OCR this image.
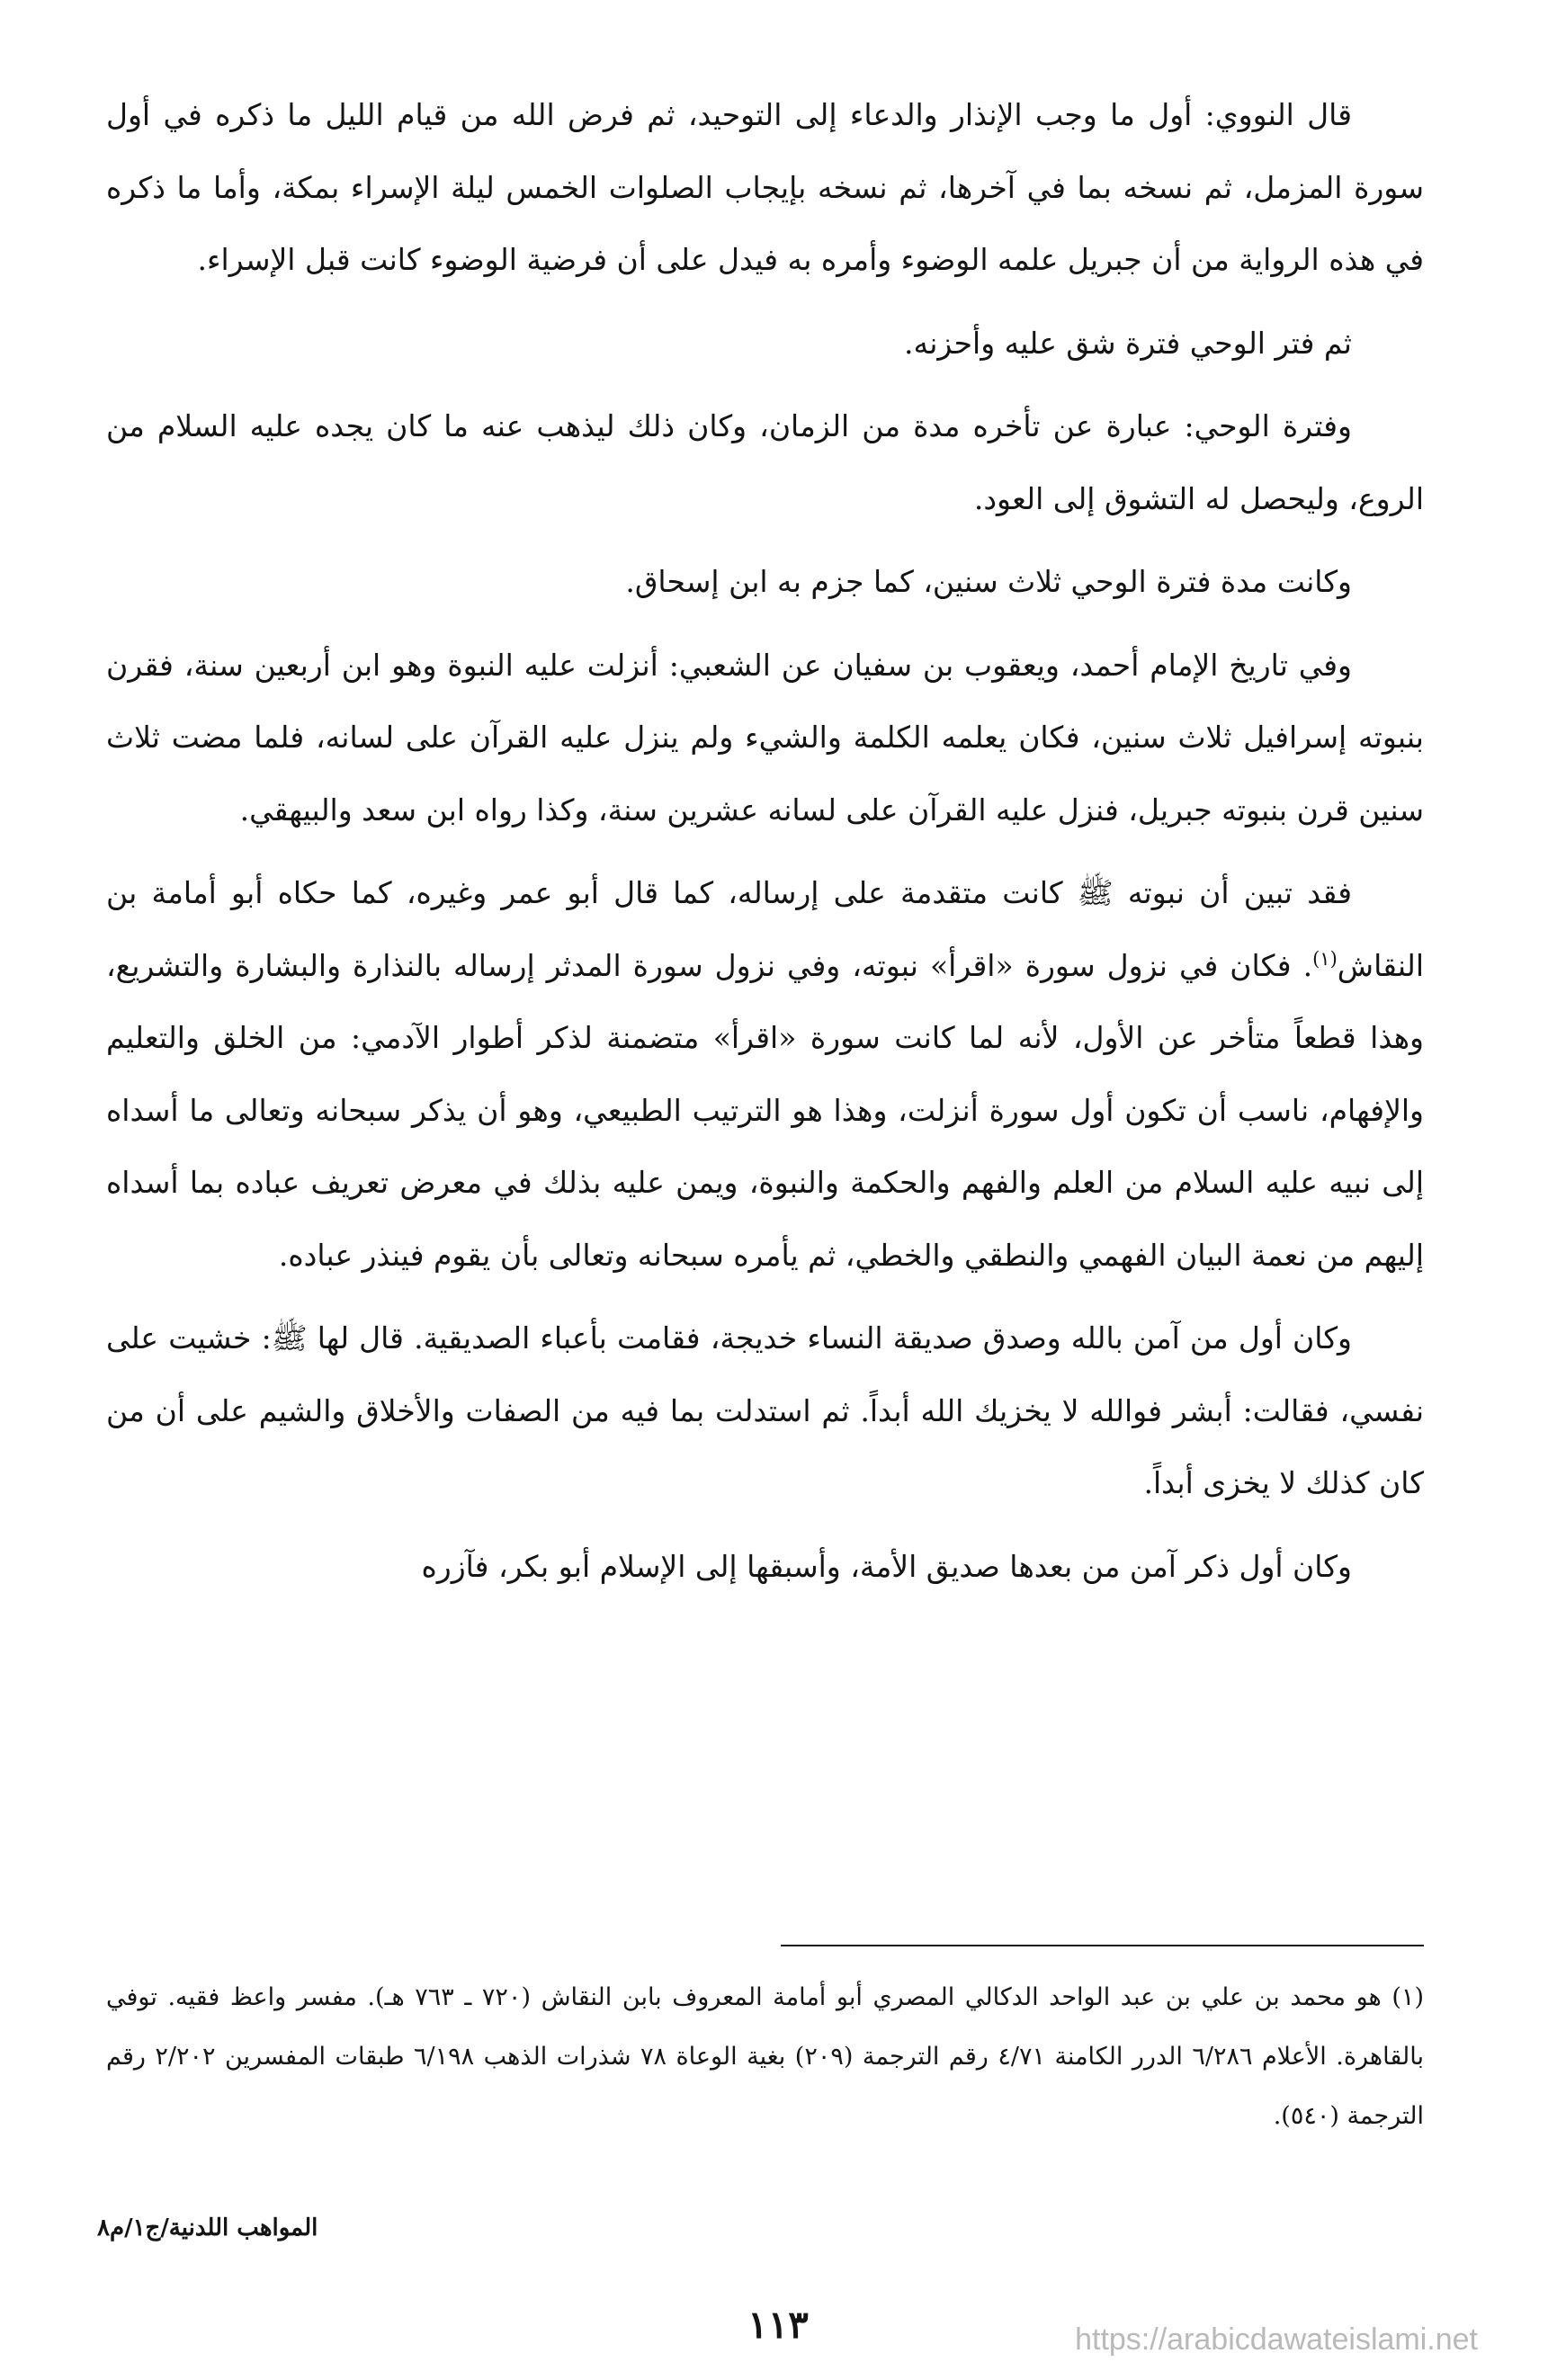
قال النووي: أول ما وجب الإنذار والدعاء إلى التوحيد، ثم فرض الله من قيام الليل ما ذكره في أول سورة المزمل، ثم نسخه بما في آخرها، ثم نسخه بإيجاب الصلوات الخمس ليلة الإسراء بمكة، وأما ما ذكره في هذه الرواية من أن جبريل علمه الوضوء وأمره به فيدل على أن فرضية الوضوء كانت قبل الإسراء.

ثم فتر الوحي فترة شق عليه وأحزنه.

وفترة الوحي: عبارة عن تأخره مدة من الزمان، وكان ذلك ليذهب عنه ما كان يجده عليه السلام من الروع، وليحصل له التشوق إلى العود.

وكانت مدة فترة الوحي ثلاث سنين، كما جزم به ابن إسحاق.

وفي تاريخ الإمام أحمد، ويعقوب بن سفيان عن الشعبي: أنزلت عليه النبوة وهو ابن أربعين سنة، فقرن بنبوته إسرافيل ثلاث سنين، فكان يعلمه الكلمة والشيء ولم ينزل عليه القرآن على لسانه، فلما مضت ثلاث سنين قرن بنبوته جبريل، فنزل عليه القرآن على لسانه عشرين سنة، وكذا رواه ابن سعد والبيهقي.

فقد تبين أن نبوته ﷺ كانت متقدمة على إرساله، كما قال أبو عمر وغيره، كما حكاه أبو أمامة بن النقاش$^{(١)}$. فكان في نزول سورة «اقرأ» نبوته، وفي نزول سورة المدثر إرساله بالنذارة والبشارة والتشريع، وهذا قطعاً متأخر عن الأول، لأنه لما كانت سورة «اقرأ» متضمنة لذكر أطوار الآدمي: من الخلق والتعليم والإفهام، ناسب أن تكون أول سورة أنزلت، وهذا هو الترتيب الطبيعي، وهو أن يذكر سبحانه وتعالى ما أسداه إلى نبيه عليه السلام من العلم والفهم والحكمة والنبوة، ويمن عليه بذلك في معرض تعريف عباده بما أسداه إليهم من نعمة البيان الفهمي والنطقي والخطي، ثم يأمره سبحانه وتعالى بأن يقوم فينذر عباده.

وكان أول من آمن بالله وصدق صديقة النساء خديجة، فقامت بأعباء الصديقية. قال لها ﷺ: خشيت على نفسي، فقالت: أبشر فوالله لا يخزيك الله أبداً. ثم استدلت بما فيه من الصفات والأخلاق والشيم على أن من كان كذلك لا يخزى أبداً.

وكان أول ذكر آمن من بعدها صديق الأمة، وأسبقها إلى الإسلام أبو بكر، فآزره

(١) هو محمد بن علي بن عبد الواحد الدكالي المصري أبو أمامة المعروف بابن النقاش (٧٢٠ ـ ٧٦٣ هـ). مفسر واعظ فقيه. توفي بالقاهرة. الأعلام ٦/٢٨٦ الدرر الكامنة ٤/٧١ رقم الترجمة (٢٠٩) بغية الوعاة ٧٨ شذرات الذهب ٦/١٩٨ طبقات المفسرين ٢/٢٠٢ رقم الترجمة (٥٤٠).
المواهب اللدنية/ج١/م٨
١١٣	https://arabicdawateislami.net
